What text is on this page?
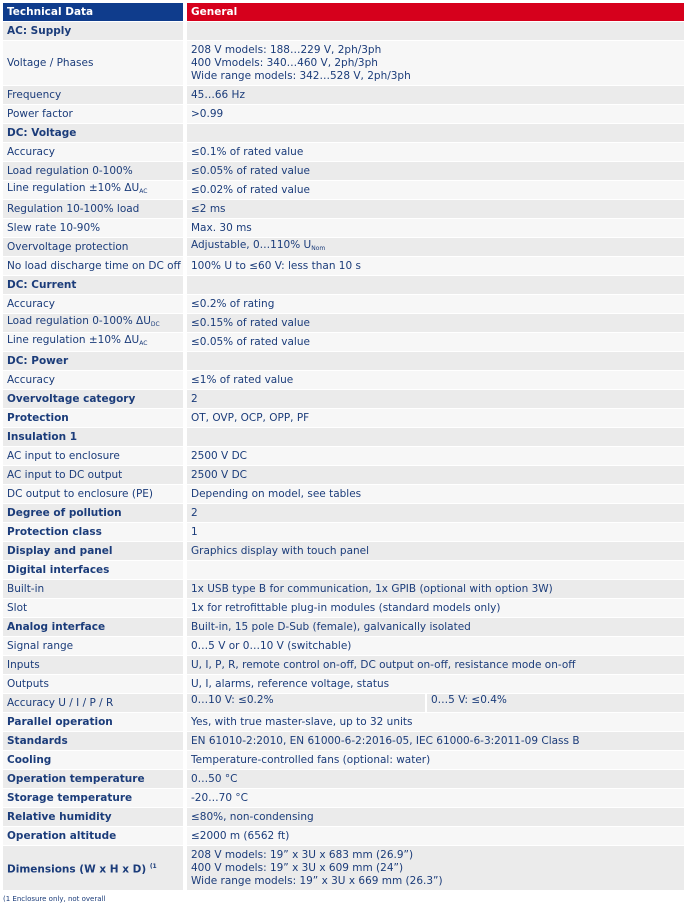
Technical Data	General
AC: Supply	
Voltage / Phases	208 V models: 188…229 V, 2ph/3ph
400 Vmodels: 340…460 V, 2ph/3ph
Wide range models: 342…528 V, 2ph/3ph

Frequency	45…66 Hz
Power factor	>0.99
DC: Voltage	
Accuracy	≤0.1% of rated value
Load regulation 0-100%	≤0.05% of rated value
Line regulation ±10% $\Delta U_{AC}$	≤0.02% of rated value
Regulation 10-100% load	≤2 ms
Slew rate 10-90%	Max. 30 ms
Overvoltage protection	Adjustable, 0…110% $U_{Nom}$
No load discharge time on DC off	100% U to ≤60 V: less than 10 s
DC: Current	
Accuracy	≤0.2% of rating
Load regulation 0-100% $\Delta U_{DC}$	≤0.15% of rated value
Line regulation ±10% $\Delta U_{AC}$	≤0.05% of rated value
DC: Power	
Accuracy	≤1% of rated value
Overvoltage category	2
Protection	OT, OVP, OCP, OPP, PF
Insulation 1	
AC input to enclosure	2500 V DC
AC input to DC output	2500 V DC
DC output to enclosure (PE)	Depending on model, see tables
Degree of pollution	2
Protection class	1
Display and panel	Graphics display with touch panel
Digital interfaces	
Built-in	1x USB type B for communication, 1x GPIB (optional with option 3W)
Slot	1x for retrofittable plug-in modules (standard models only)
Analog interface	Built-in, 15 pole D-Sub (female), galvanically isolated
Signal range	0…5 V or 0…10 V (switchable)
Inputs	U, I, P, R, remote control on-off, DC output on-off, resistance mode on-off
Outputs	U, I, alarms, reference voltage, status
Accuracy U / I / P / R	0…10 V: ≤0.2% 0…5 V: ≤0.4%

Parallel operation	Yes, with true master-slave, up to 32 units
Standards	EN 61010-2:2010, EN 61000-6-2:2016-05, IEC 61000-6-3:2011-09 Class B
Cooling	Temperature-controlled fans (optional: water)
Operation temperature	0…50 °C
Storage temperature	-20…70 °C
Relative humidity	≤80%, non-condensing
Operation altitude	≤2000 m (6562 ft)
Dimensions (W x H x D) $^{(1}$	208 V models: 19” x 3U x 683 mm (26.9”)
400 V models: 19” x 3U x 609 mm (24”)
Wide range models: 19” x 3U x 669 mm (26.3”)
(1 Enclosure only, not overall
